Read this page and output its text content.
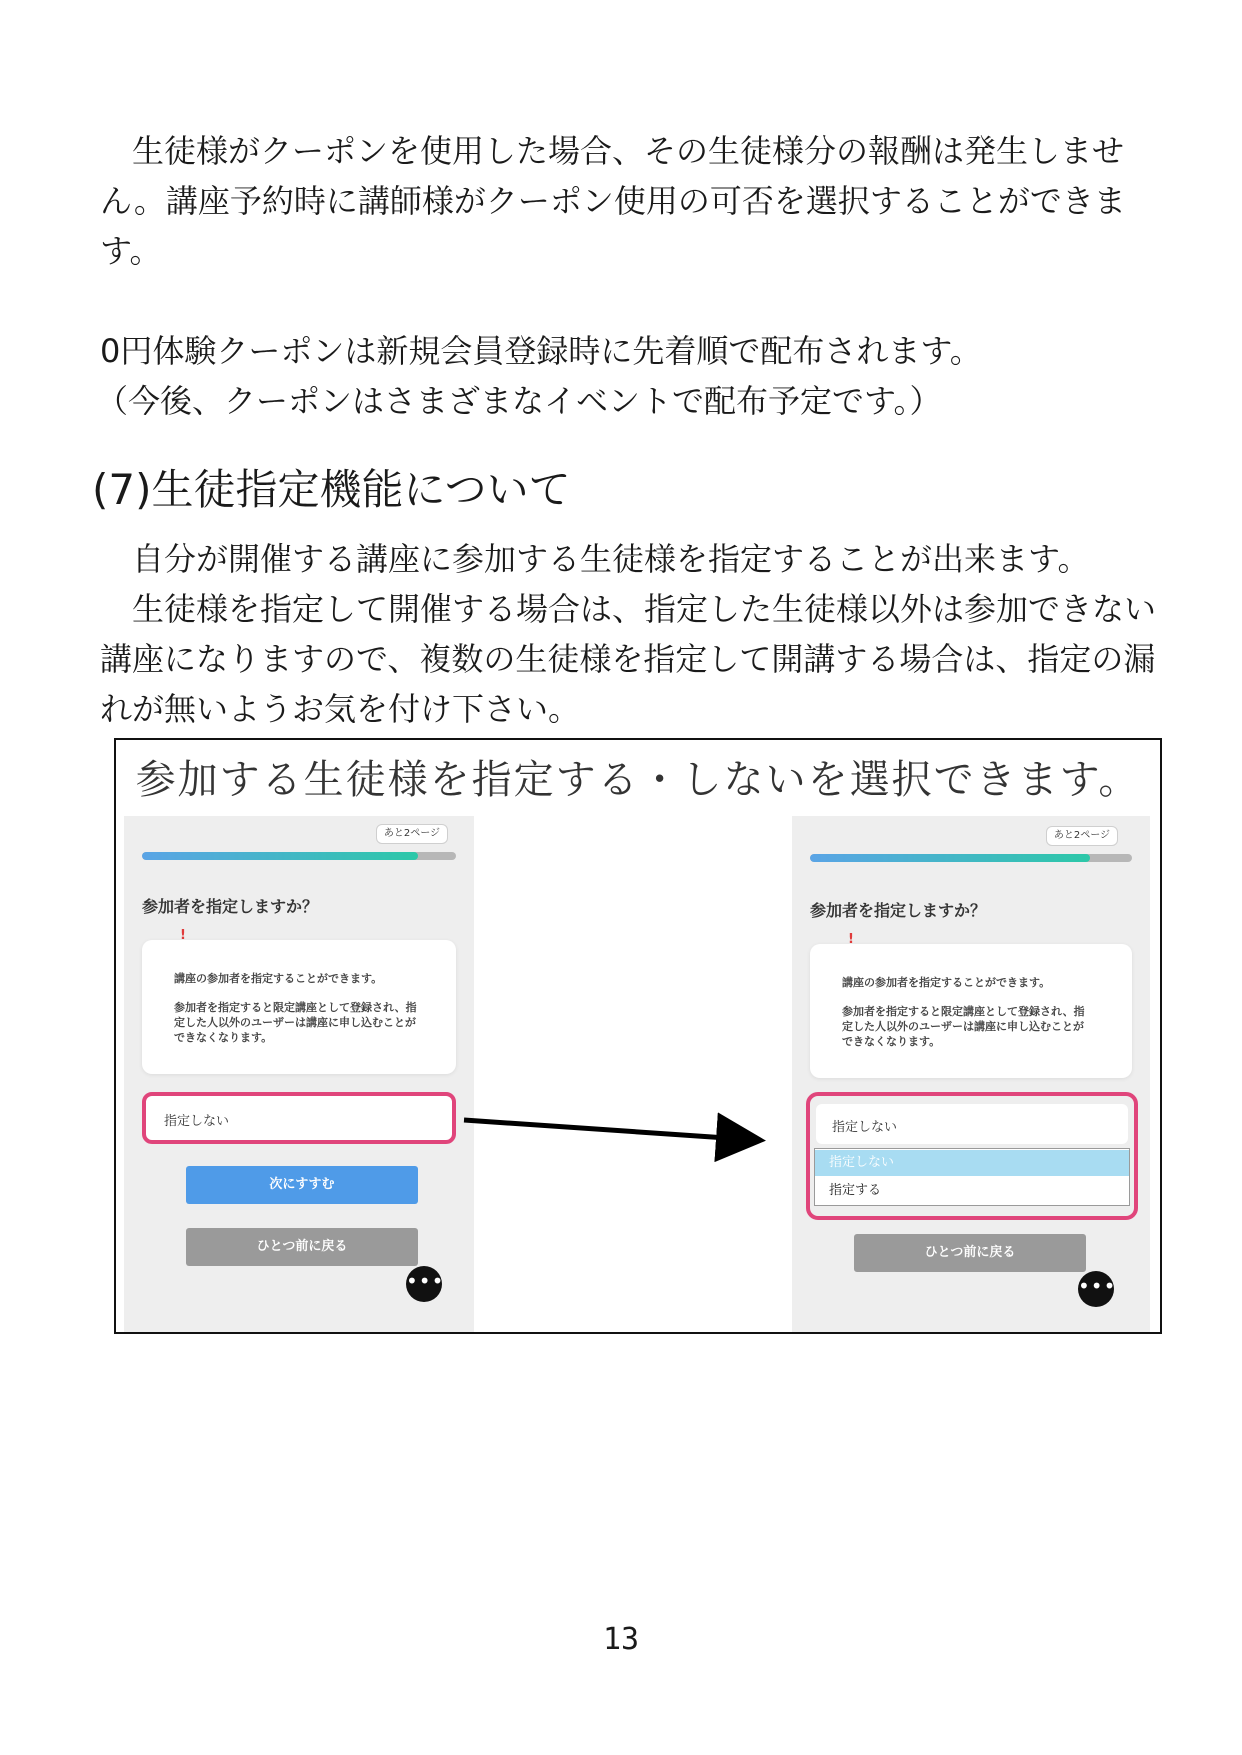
生徒様がクーポンを使用した場合、その生徒様分の報酬は発生しません。講座予約時に講師様がクーポン使用の可否を選択することができます。

0円体験クーポンは新規会員登録時に先着順で配布されます。

（今後、クーポンはさまざまなイベントで配布予定です。）

(7)生徒指定機能について

自分が開催する講座に参加する生徒様を指定することが出来ます。

生徒様を指定して開催する場合は、指定した生徒様以外は参加できない講座になりますので、複数の生徒様を指定して開講する場合は、指定の漏れが無いようお気を付け下さい。

参加する生徒様を指定する・しないを選択できます。
あと2ページ
参加者を指定しますか？
講座の参加者を指定することができます。
参加者を指定すると限定講座として登録され、指定した人以外のユーザーは講座に申し込むことができなくなります。
!
指定しない
次にすすむ
ひとつ前に戻る
•••
あと2ページ
参加者を指定しますか？
講座の参加者を指定することができます。
参加者を指定すると限定講座として登録され、指定した人以外のユーザーは講座に申し込むことができなくなります。
!
指定しない
指定しない
指定する
ひとつ前に戻る
•••
13
